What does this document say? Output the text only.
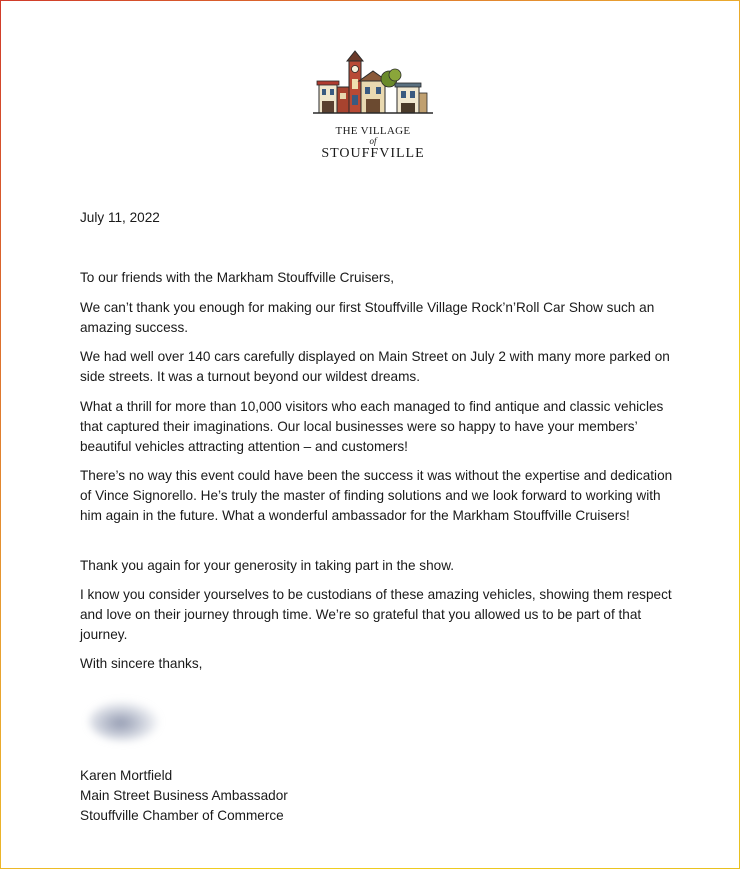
THE VILLAGE
of
STOUFFVILLE
July 11, 2022
To our friends with the Markham Stouffville Cruisers,
We can’t thank you enough for making our first Stouffville Village Rock’n’Roll Car Show such an amazing success.
We had well over 140 cars carefully displayed on Main Street on July 2 with many more parked on side streets. It was a turnout beyond our wildest dreams.
What a thrill for more than 10,000 visitors who each managed to find antique and classic vehicles that captured their imaginations. Our local businesses were so happy to have your members’ beautiful vehicles attracting attention – and customers!
There’s no way this event could have been the success it was without the expertise and dedication of Vince Signorello. He’s truly the master of finding solutions and we look forward to working with him again in the future. What a wonderful ambassador for the Markham Stouffville Cruisers!
Thank you again for your generosity in taking part in the show.
I know you consider yourselves to be custodians of these amazing vehicles, showing them respect and love on their journey through time. We’re so grateful that you allowed us to be part of that journey.
With sincere thanks,
Karen Mortfield
Main Street Business Ambassador
Stouffville Chamber of Commerce
